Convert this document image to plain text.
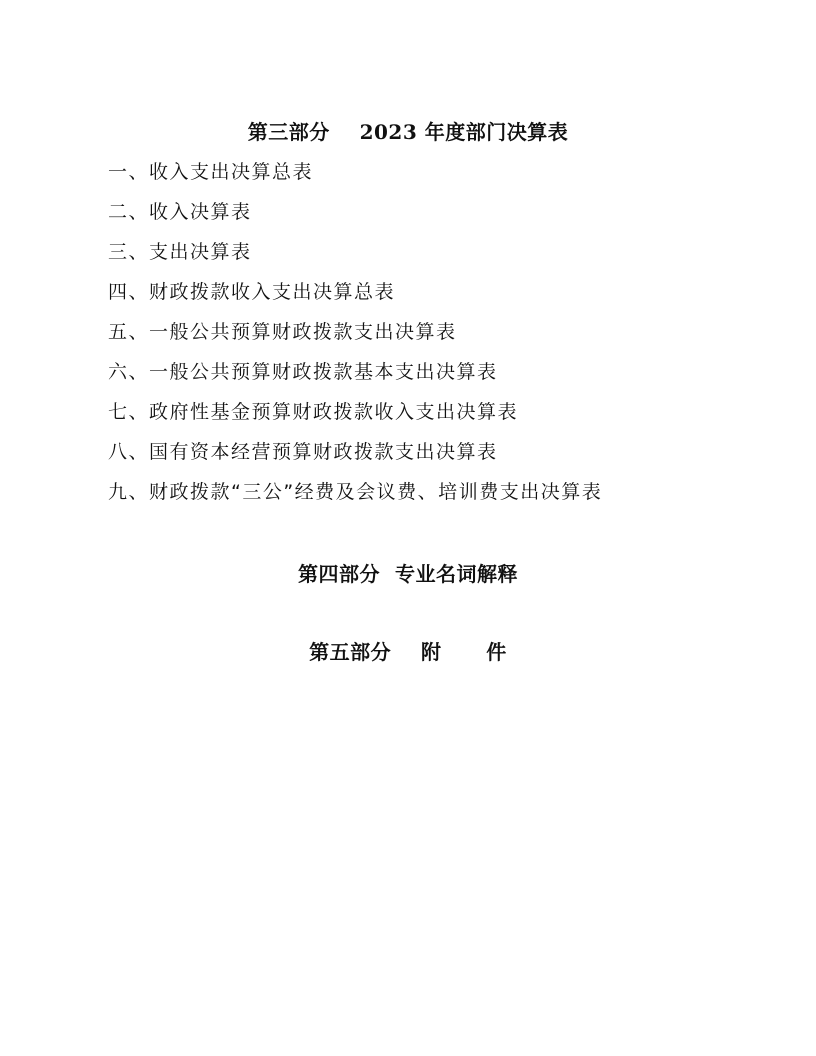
第三部分    2023 年度部门决算表
一、收入支出决算总表
二、收入决算表
三、支出决算表
四、财政拨款收入支出决算总表
五、一般公共预算财政拨款支出决算表
六、一般公共预算财政拨款基本支出决算表
七、政府性基金预算财政拨款收入支出决算表
八、国有资本经营预算财政拨款支出决算表
九、财政拨款“三公”经费及会议费、培训费支出决算表
第四部分  专业名词解释
第五部分    附      件
